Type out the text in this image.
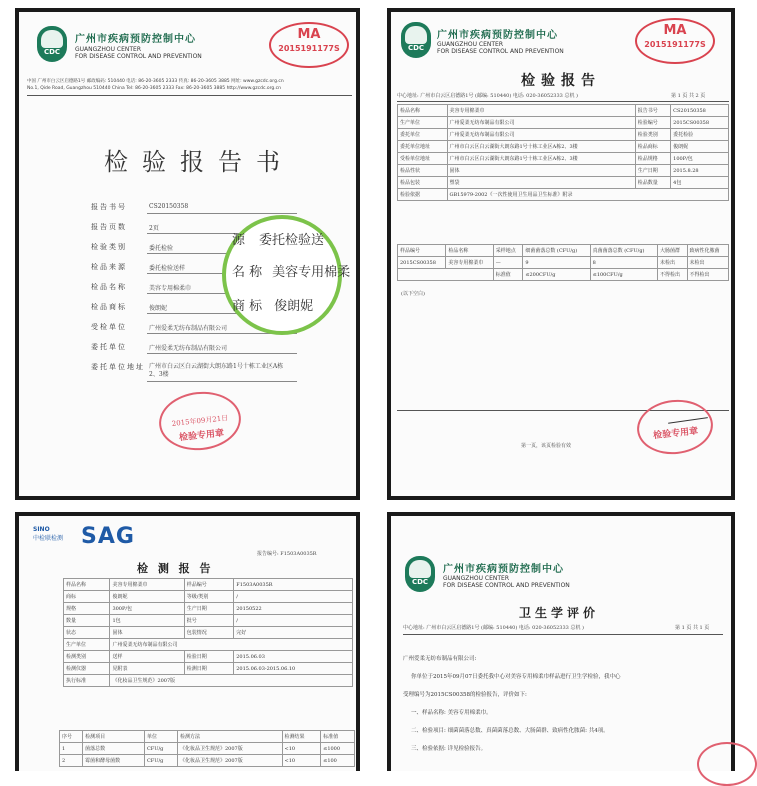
CDC
广州市疾病预防控制中心
GUANGZHOU CENTER
FOR DISEASE CONTROL AND PREVENTION
MA
2015191177S
中国 广州市白云区启德路1号 邮政编码: 510440 电话: 86-20-3605 2333 传真: 86-20-3605 3885 网址: www.gzcdc.org.cn
No.1, Qide Road, Guangzhou 510440 China Tel: 86-20-3605 2333 Fax: 86-20-3605 3885 http://www.gzcdc.org.cn
检验报告书
报告书号	CS20150358
报告页数	2页
检验类别	委托检验
检品来源	委托检验送样
检品名称	美容专用棉柔巾
检品商标	俊朗妮
受检单位	广州爱柔无纺布制品有限公司
委托单位	广州爱柔无纺布制品有限公司
委托单位地址 广州市白云区白云湖街大朗东路1号十栋工业区A栋2、3楼
源 委托检验送
名 称 美容专用棉柔
商 标 俊朗妮
2015年09月21日
检验专用章
CDC
广州市疾病预防控制中心
GUANGZHOU CENTER
FOR DISEASE CONTROL AND PREVENTION
MA
2015191177S
检验报告
中心地址: 广州市白云区启德路1号 (邮编: 510440) 电话: 020-36052333 总机 )	第 1 页 共 2 页
检品名称	美容专用棉柔巾	报告书号	CS20150358
生产单位	广州爱柔无纺布制品有限公司	检验编号	2015CS00358
委托单位	广州爱柔无纺布制品有限公司	检验类别	委托检验
委托单位地址	广州市白云区白云湖街大朗东路1号十栋工业区A栋2、3楼	检品商标	俊朗妮
受检单位地址	广州市白云区白云湖街大朗东路1号十栋工业区A栋2、3楼	检品规格	100P/包
检品性状	固体	生产日期	2015.8.28
检品包装	塑袋	检品数量	4包
检验依据	GB15979-2002《一次性使用卫生用品卫生标准》附录		
样品编号	检品名称	采样地点	细菌菌落总数 (CFU/g)	真菌菌落总数 (CFU/g)	大肠菌群	致病性化脓菌
2015CS00358	美容专用棉柔巾	—	9	8	未检出	未检出
		标准值	≤200CFU/g	≤100CFU/g	不得检出	不得检出
(以下空白)
第一页，该页检验有效
检验专用章
SINO
中检联检测 SAG
检 测 报 告
报告编号: F1503A0035R
样品名称	美容专用棉柔巾	样品编号	F1503A0035R
商标	俊朗妮	等级/类别	/
规格	300P/包	生产日期	20150522
数量	1包	批号	/
状态	固体	包装情况	完好
生产单位	广州爱柔无纺布制品有限公司		
检测类别	送样	检验日期	2015.06.03
检测仪器	见附表	检测日期	2015.06.03-2015.06.10
执行标准	《化妆品卫生规范》2007版		
序号	检测项目	单位	检测方法	检测结果	标准值
1	菌落总数	CFU/g	《化妆品卫生规范》2007版	<10	≤1000
2	霉菌和酵母菌数	CFU/g	《化妆品卫生规范》2007版	<10	≤100
CDC
广州市疾病预防控制中心
GUANGZHOU CENTER
FOR DISEASE CONTROL AND PREVENTION
卫生学评价
中心地址: 广州市白云区启德路1号 (邮编: 510440) 电话: 020-36052333 总机 )	第 1 页 共 1 页
广州爱柔无纺布制品有限公司:
你单位于2015年09月07日委托我中心对美容专用棉柔巾样品进行卫生学检验，我中心
受理编号为2015CS00358的检验报告，评价如下:
一、样品名称: 美容专用棉柔巾。
二、检验项目: 细菌菌落总数、真菌菌落总数、大肠菌群、致病性化脓菌: 共4项。
三、检验依据: 详见检验报告。
